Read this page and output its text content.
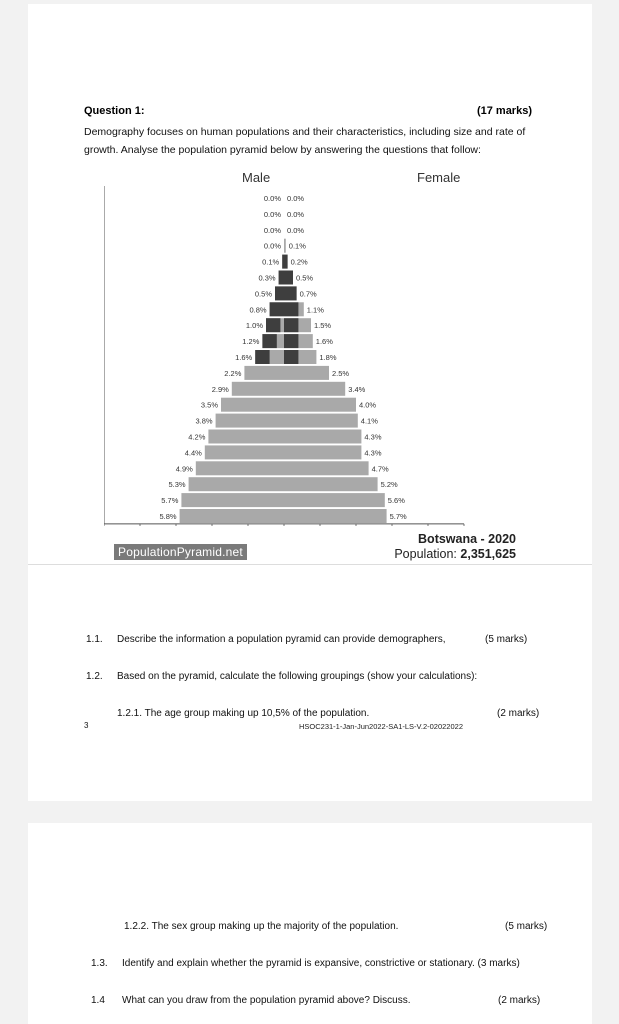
Question 1:	(17 marks)
Demography focuses on human populations and their characteristics, including size and rate of growth. Analyse the population pyramid below by answering the questions that follow:
0.0% 0.0%
0.0% 0.0%
0.0% 0.0%
0.0% 0.1%
0.1% 0.2%
0.3%	0.5%
0.5%	0.7%
0.8%	1.1%
1.0%	1.5%
1.2%	1.6%
1.6%	1.8%
2.2%	2.5%
2.9%	3.4%
3.5%	4.0%
3.8%	4.1%
4.2%	4.3%
4.4%	4.3%
4.9%	4.7%
5.3%	5.2%
5.7%	5.6%
5.8%	5.7%
Male	Female
PopulationPyramid.net
Botswana - 2020
Population: 2,351,625
1.1. Describe the information a population pyramid can provide demographers,	(5 marks)
1.2. Based on the pyramid, calculate the following groupings (show your calculations):
1.2.1. The age group making up 10,5% of the population.	(2 marks)
3	HSOC231-1-Jan-Jun2022-SA1-LS-V.2-02022022
1.2.2. The sex group making up the majority of the population.	(5 marks)
1.3. Identify and explain whether the pyramid is expansive, constrictive or stationary. (3 marks)
1.4 What can you draw from the population pyramid above? Discuss.	(2 marks)
